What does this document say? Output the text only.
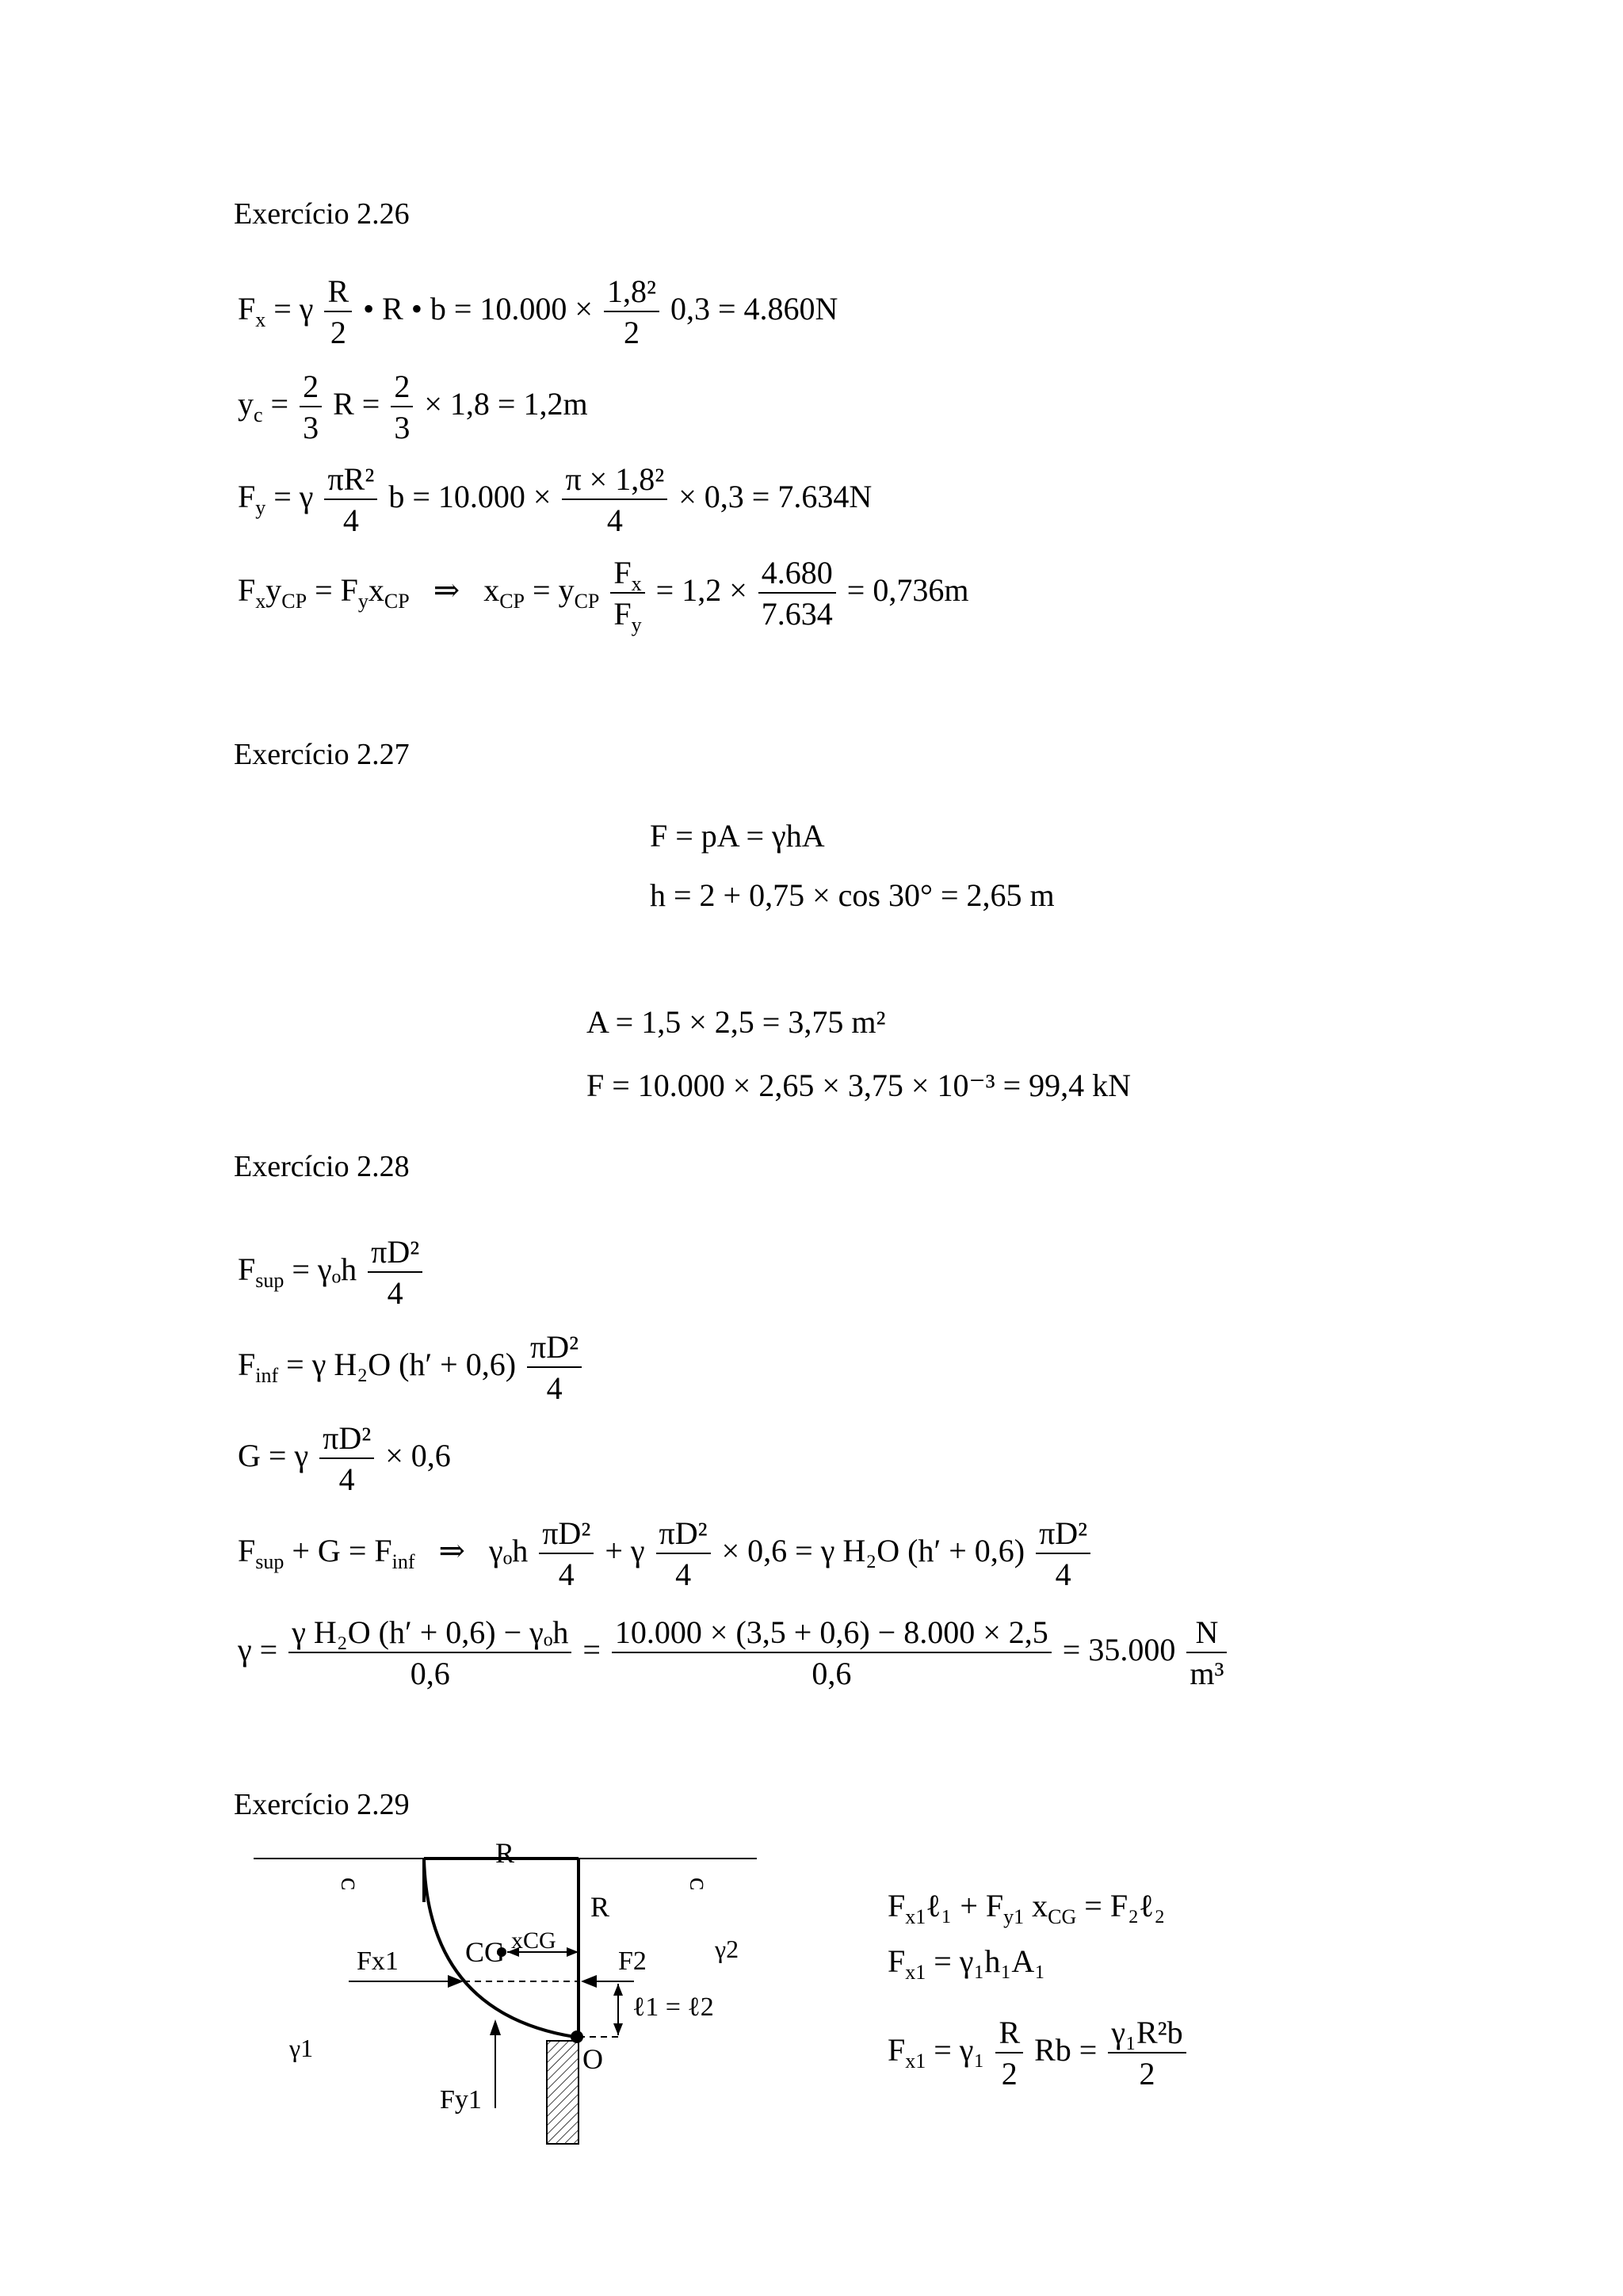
Exercício 2.26
Exercício 2.27
Exercício 2.28
Exercício 2.29
$F_x = \gamma \frac{R}{2}$ • R • $b = 10.000 \times \frac{\text{1,8²}}{2} 0,3 = 4.860N$
$y_c = \frac{2}{3}$ $R = \frac{2}{3} \times 1,8 = 1,2m$
$F_y = \gamma \frac{\text{πR²}}{4}$ $b = 10.000 \times \frac{\text{π × 1,8²}}{4} \times 0,3 = 7.634N$
$F_xy_{CP} = F_yx_{CP}$ ⇒ $x_{CP} = y_{CP} \frac{F_x}{F_y} = 1,2 \times \frac{4.680}{7.634} = 0,736m$
F = pA = γhA
h = 2 + 0,75 × cos 30° = 2,65 m
A = 1,5 × 2,5 = 3,75 m²
F = 10.000 × 2,65 × 3,75 × 10⁻³ = 99,4 kN
$F_{sup} = \gamma_oh \frac{\text{πD²}}{4}$
$F_{inf} = \gamma$ H₂O $(h' + 0,6) \frac{\text{πD²}}{4}$
G = γ $\frac{\text{πD²}}{4} \times 0,6$
$F_{sup} + G = F_{inf}$ ⇒ γₒh $\frac{\text{πD²}}{4} + \gamma \frac{\text{πD²}}{4} \times 0,6 = \gamma$ H₂O $(h' + 0,6) \frac{\text{πD²}}{4}$
$\gamma = \frac{\text{γ H₂O (h′ + 0,6) − γₒh}}{0,6} = \frac{10.000 \times (3,5 + 0,6) - 8.000 \times 2,5}{0,6} = 35.000 \frac{N}{\text{m³}}$
ᴒ	ᴒ
R
R
CG xCG
Fx1	F2	γ2
ℓ1 = ℓ2
γ1
Fy1
O
$F_{x1}\ell_1 + F_{y1}$ $x_{CG}$ = F₂ℓ₂
$F_{x1} = \gamma_1h_1A_1$
$F_{x1} = \gamma_1 \frac{R}{2}$ $Rb = \frac{\text{γ₁R²b}}{2}$
